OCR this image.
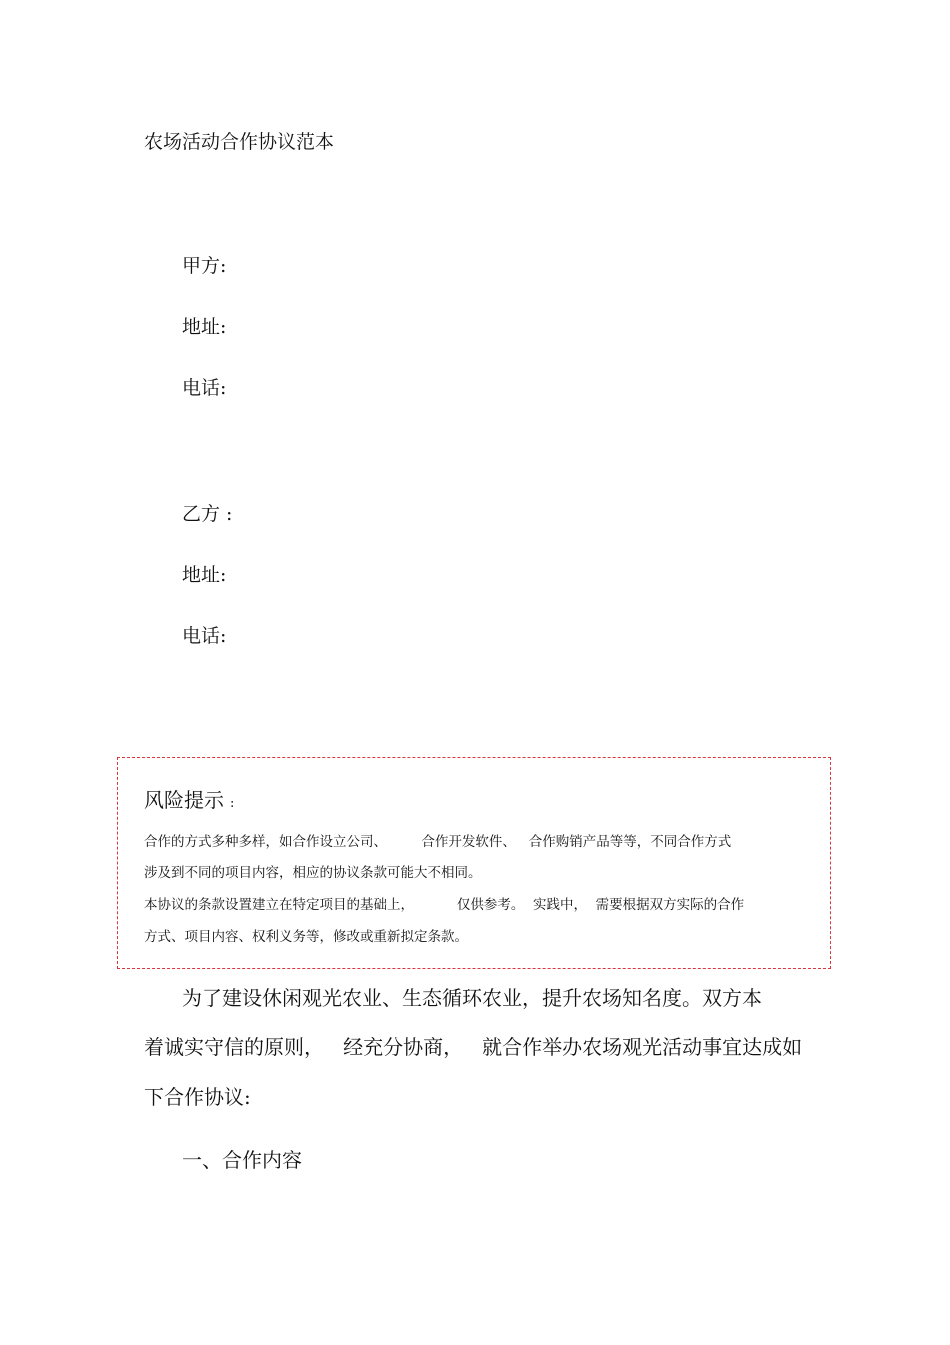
农场活动合作协议范本
甲方:
地址:
电话:
乙方 :
地址:
电话:
风险提示 :
合作的方式多种多样，如合作设立公司、        合作开发软件、   合作购销产品等等，不同合作方式
涉及到不同的项目内容，相应的协议条款可能大不相同。
本协议的条款设置建立在特定项目的基础上，          仅供参考。  实践中，  需要根据双方实际的合作
方式、项目内容、权利义务等，修改或重新拟定条款。
为了建设休闲观光农业、生态循环农业，提升农场知名度。双方本
着诚实守信的原则，   经充分协商，   就合作举办农场观光活动事宜达成如
下合作协议:
一、合作内容
